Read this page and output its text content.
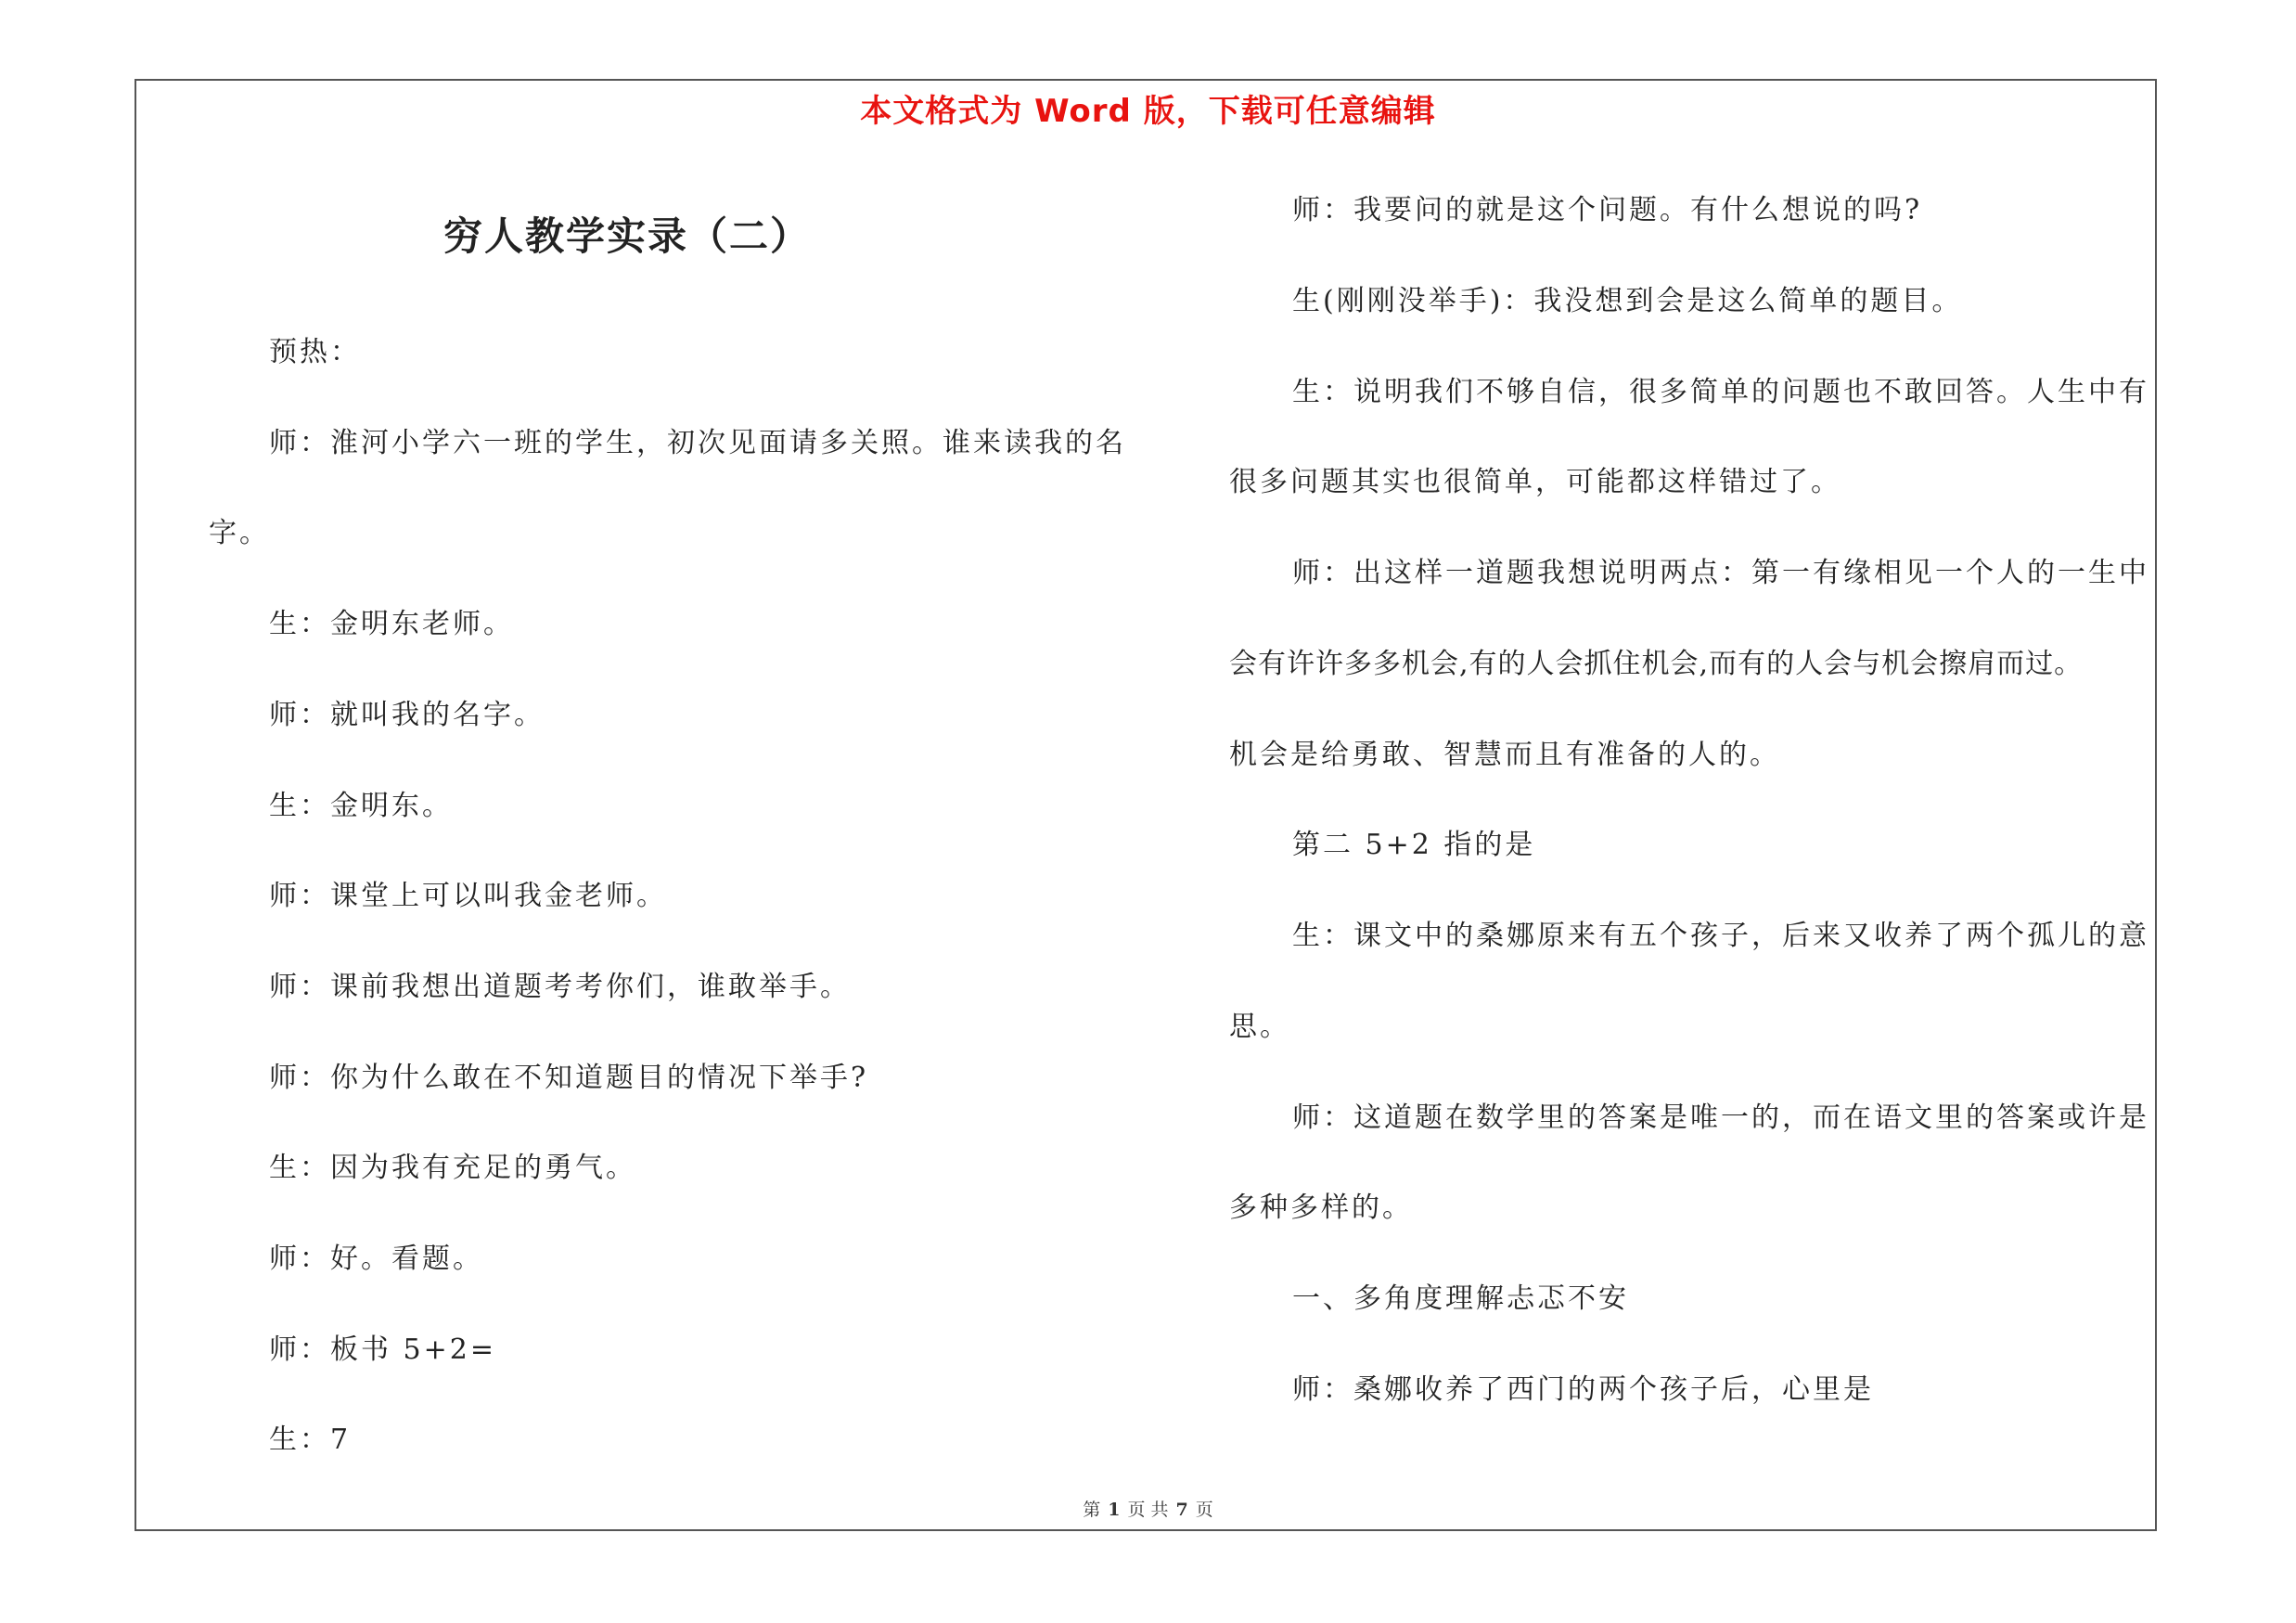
本文格式为 Word 版，下载可任意编辑
穷人教学实录（二）
预热：
师：淮河小学六一班的学生，初次见面请多关照。谁来读我的名
字。
生：金明东老师。
师：就叫我的名字。
生：金明东。
师：课堂上可以叫我金老师。
师：课前我想出道题考考你们，谁敢举手。
师：你为什么敢在不知道题目的情况下举手?
生：因为我有充足的勇气。
师：好。看题。
师：板书 5+2=
生：7
师：我要问的就是这个问题。有什么想说的吗?
生(刚刚没举手)：我没想到会是这么简单的题目。
生：说明我们不够自信，很多简单的问题也不敢回答。人生中有
很多问题其实也很简单，可能都这样错过了。
师：出这样一道题我想说明两点：第一有缘相见一个人的一生中
会有许许多多机会,有的人会抓住机会,而有的人会与机会擦肩而过。
机会是给勇敢、智慧而且有准备的人的。
第二 5+2 指的是
生：课文中的桑娜原来有五个孩子，后来又收养了两个孤儿的意
思。
师：这道题在数学里的答案是唯一的，而在语文里的答案或许是
多种多样的。
一、多角度理解忐忑不安
师：桑娜收养了西门的两个孩子后，心里是
第 1 页 共 7 页
